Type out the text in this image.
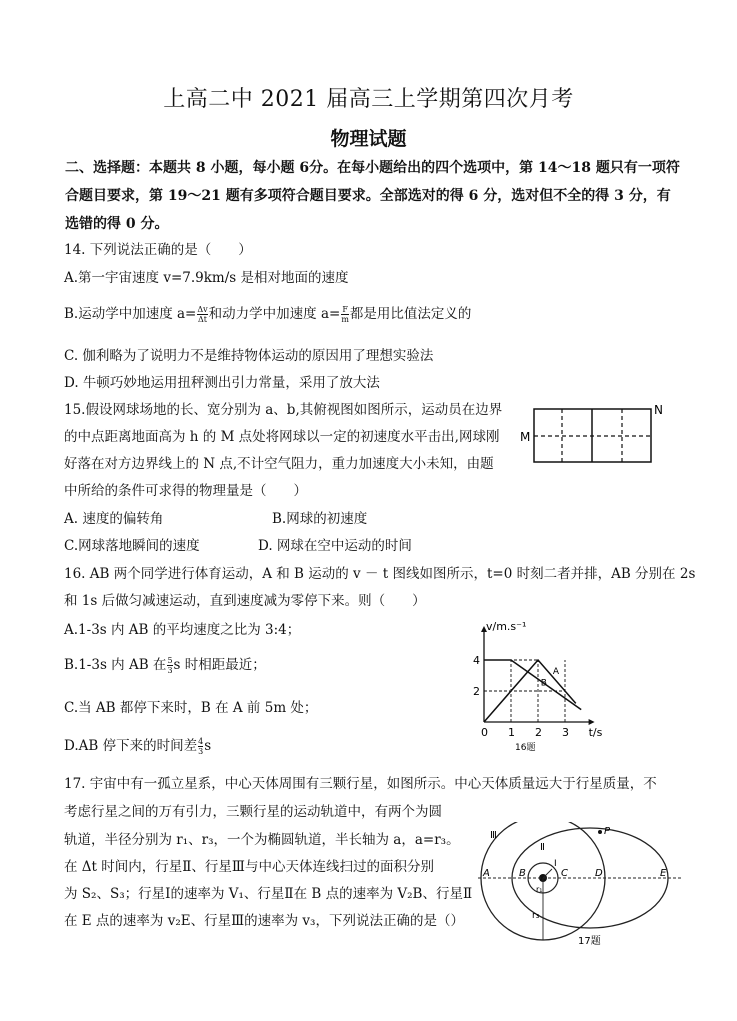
上高二中 2021 届高三上学期第四次月考
物理试题
二、选择题：本题共 8 小题，每小题 6分。在每小题给出的四个选项中，第 14～18 题只有一项符合题目要求，第 19～21 题有多项符合题目要求。全部选对的得 6 分，选对但不全的得 3 分，有选错的得 0 分。
14. 下列说法正确的是（　　）
A.第一宇宙速度 v=7.9km/s 是相对地面的速度
B.运动学中加速度 $a= \frac{\Delta v}{\Delta t}$ 和动力学中加速度 $a= \frac{F}{m}$ 都是用比值法定义的
C. 伽利略为了说明力不是维持物体运动的原因用了理想实验法
D. 牛顿巧妙地运用扭秤测出引力常量，采用了放大法
15.假设网球场地的长、宽分别为 a、b,其俯视图如图所示，运动员在边界
的中点距离地面高为 h 的 M 点处将网球以一定的初速度水平击出,网球刚
好落在对方边界线上的 N 点,不计空气阻力，重力加速度大小未知，由题
中所给的条件可求得的物理量是（　　）
A. 速度的偏转角	B.网球的初速度
C.网球落地瞬间的速度	D. 网球在空中运动的时间
M
N
16. AB 两个同学进行体育运动，A 和 B 运动的 v － t 图线如图所示，t=0 时刻二者并排，AB 分别在 2s
和 1s 后做匀减速运动，直到速度减为零停下来。则（　　）
A.1-3s 内 AB 的平均速度之比为 3:4；
B.1-3s 内 AB 在 $\frac{5}{3}$ s 时相距最近；
C.当 AB 都停下来时，B 在 A 前 5m 处；
D.AB 停下来的时间差 $\frac{4}{3}$ s
0 1 2 3
2
4
t/s
v/m.s⁻¹
16题
A
B
17. 宇宙中有一孤立星系，中心天体周围有三颗行星，如图所示。中心天体质量远大于行星质量，不
考虑行星之间的万有引力，三颗行星的运动轨道中，有两个为圆
轨道，半径分别为 r₁、r₃，一个为椭圆轨道，半长轴为 a，a=r₃。
在 Δt 时间内，行星Ⅱ、行星Ⅲ与中心天体连线扫过的面积分别
为 S₂、S₃；行星Ⅰ的速率为 V₁、行星Ⅱ在 B 点的速率为 V₂B、行星Ⅱ
在 E 点的速率为 v₂E、行星Ⅲ的速率为 v₃，下列说法正确的是（）
Ⅲ
Ⅱ
Ⅰ
P
A	B	C	D	E
r₃
r₁
17题
